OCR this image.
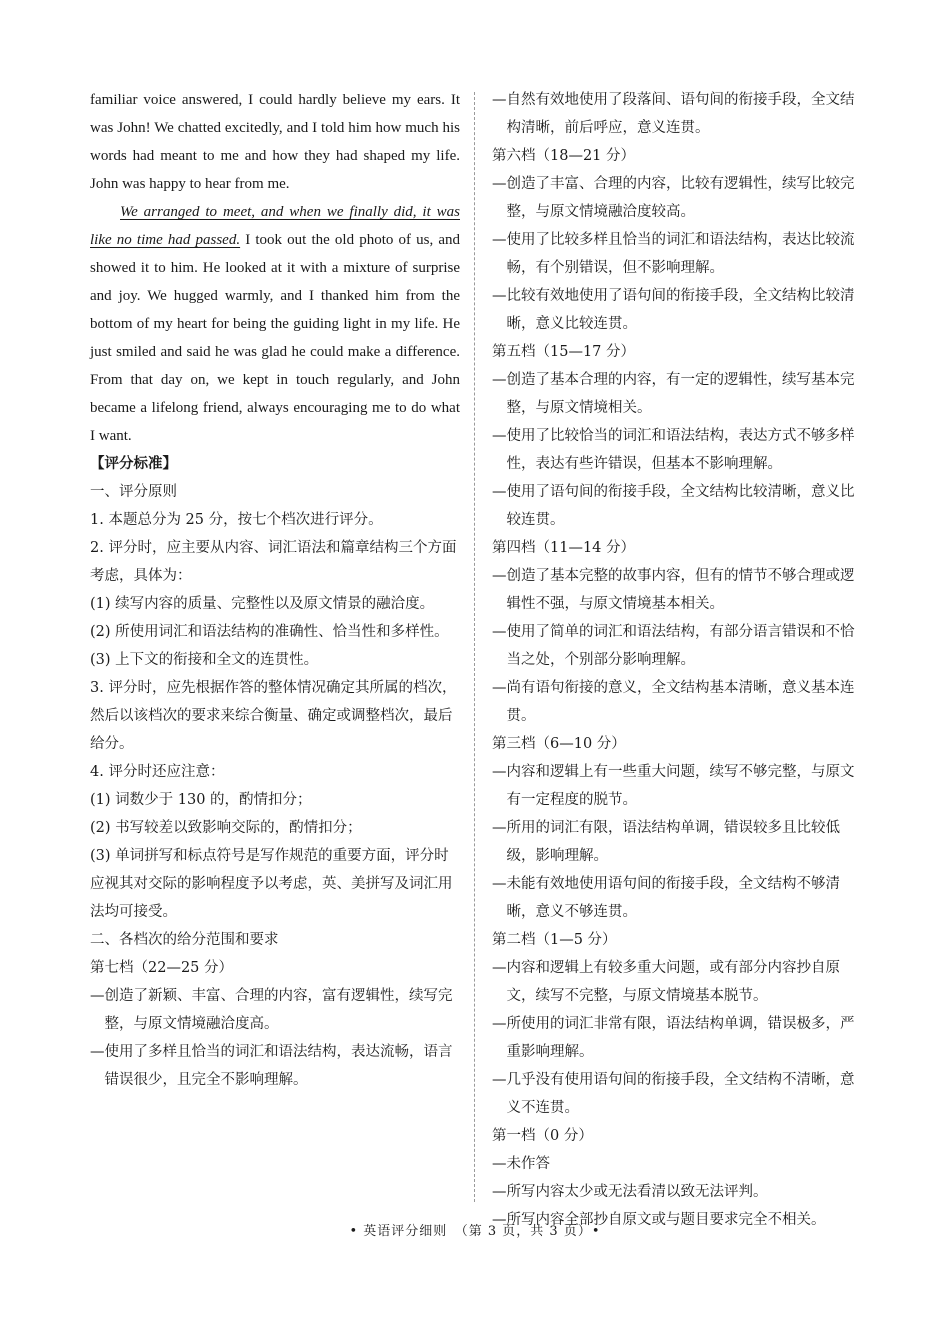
familiar voice answered, I could hardly believe my ears. It was John! We chatted excitedly, and I told him how much his words had meant to me and how they had shaped my life. John was happy to hear from me.

We arranged to meet, and when we finally did, it was like no time had passed. I took out the old photo of us, and showed it to him. He looked at it with a mixture of surprise and joy. We hugged warmly, and I thanked him from the bottom of my heart for being the guiding light in my life. He just smiled and said he was glad he could make a difference. From that day on, we kept in touch regularly, and John became a lifelong friend, always encouraging me to do what I want.

【评分标准】

一、评分原则

1. 本题总分为 25 分，按七个档次进行评分。

2. 评分时，应主要从内容、词汇语法和篇章结构三个方面考虑，具体为：

(1) 续写内容的质量、完整性以及原文情景的融洽度。

(2) 所使用词汇和语法结构的准确性、恰当性和多样性。

(3) 上下文的衔接和全文的连贯性。

3. 评分时，应先根据作答的整体情况确定其所属的档次，然后以该档次的要求来综合衡量、确定或调整档次，最后给分。

4. 评分时还应注意：

(1) 词数少于 130 的，酌情扣分；

(2) 书写较差以致影响交际的，酌情扣分；

(3) 单词拼写和标点符号是写作规范的重要方面，评分时应视其对交际的影响程度予以考虑，英、美拼写及词汇用法均可接受。

二、各档次的给分范围和要求

第七档（22—25 分）

—创造了新颖、丰富、合理的内容，富有逻辑性，续写完整，与原文情境融洽度高。

—使用了多样且恰当的词汇和语法结构，表达流畅，语言错误很少，且完全不影响理解。

—自然有效地使用了段落间、语句间的衔接手段，全文结构清晰，前后呼应，意义连贯。

第六档（18—21 分）

—创造了丰富、合理的内容，比较有逻辑性，续写比较完整，与原文情境融洽度较高。

—使用了比较多样且恰当的词汇和语法结构，表达比较流畅，有个别错误，但不影响理解。

—比较有效地使用了语句间的衔接手段，全文结构比较清晰，意义比较连贯。

第五档（15—17 分）

—创造了基本合理的内容，有一定的逻辑性，续写基本完整，与原文情境相关。

—使用了比较恰当的词汇和语法结构，表达方式不够多样性，表达有些许错误，但基本不影响理解。

—使用了语句间的衔接手段，全文结构比较清晰，意义比较连贯。

第四档（11—14 分）

—创造了基本完整的故事内容，但有的情节不够合理或逻辑性不强，与原文情境基本相关。

—使用了简单的词汇和语法结构，有部分语言错误和不恰当之处，个别部分影响理解。

—尚有语句衔接的意义，全文结构基本清晰，意义基本连贯。

第三档（6—10 分）

—内容和逻辑上有一些重大问题，续写不够完整，与原文有一定程度的脱节。

—所用的词汇有限，语法结构单调，错误较多且比较低级，影响理解。

—未能有效地使用语句间的衔接手段，全文结构不够清晰，意义不够连贯。

第二档（1—5 分）

—内容和逻辑上有较多重大问题，或有部分内容抄自原文，续写不完整，与原文情境基本脱节。

—所使用的词汇非常有限，语法结构单调，错误极多，严重影响理解。

—几乎没有使用语句间的衔接手段，全文结构不清晰，意义不连贯。

第一档（0 分）

—未作答

—所写内容太少或无法看清以致无法评判。

—所写内容全部抄自原文或与题目要求完全不相关。

• 英语评分细则　（第 3 页，共 3 页）•
